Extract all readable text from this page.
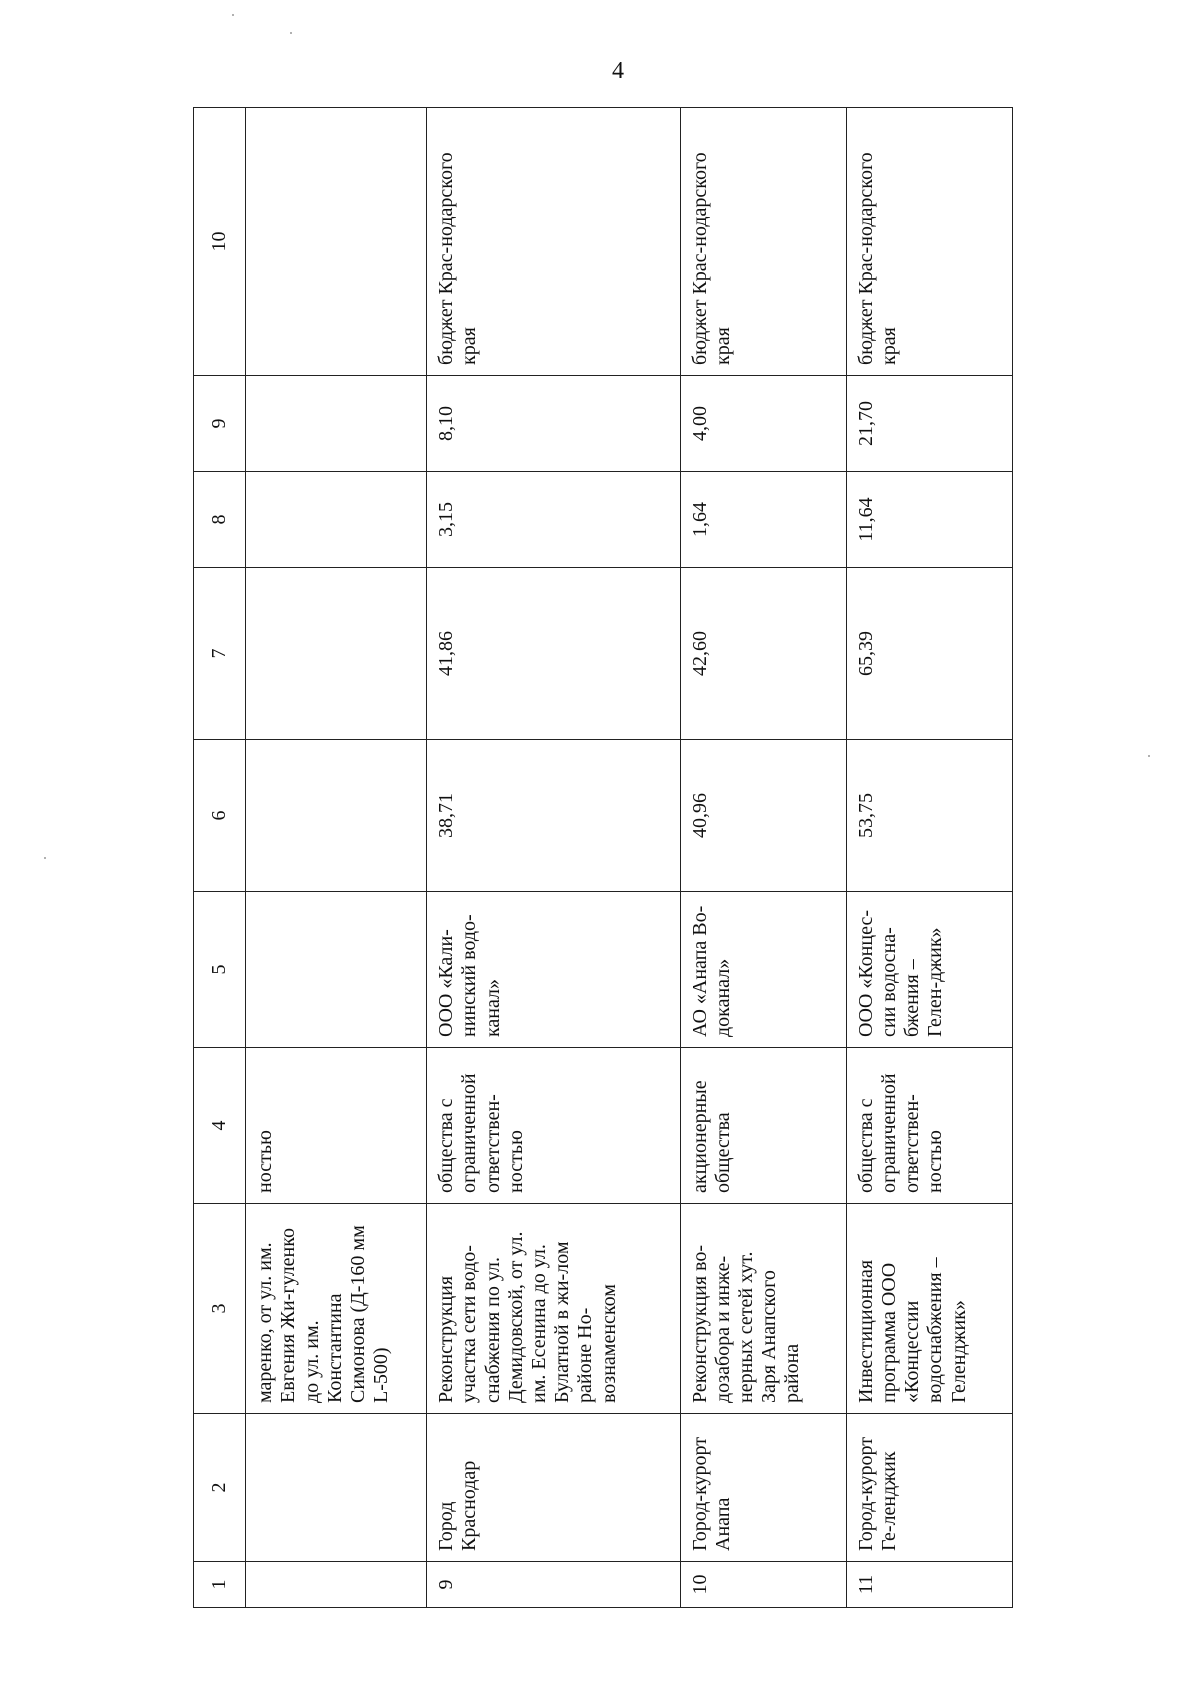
4
1	2	3	4	5	6	7	8	9	10
		маренко, от ул. им. Евгения Жи-гуленко до ул. им. Константина Симонова (Д-160 мм L-500)	ностью						
9	Город Краснодар	Реконструкция участка сети водо-снабжения по ул. Демидовской, от ул. им. Есенина до ул. Булатной в жи-лом районе Но-вознаменском	общества с ограниченной ответствен-ностью	ООО «Кали-нинский водо-канал»	38,71	41,86	3,15	8,10	бюджет Крас-нодарского края
10	Город-курорт Анапа	Реконструкция во-дозабора и инже-нерных сетей хут. Заря Анапского района	акционерные общества	АО «Анапа Во-доканал»	40,96	42,60	1,64	4,00	бюджет Крас-нодарского края
11	Город-курорт Ге-ленджик	Инвестиционная программа ООО «Концессии водоснабжения – Геленджик»	общества с ограниченной ответствен-ностью	ООО «Концес-сии водосна-бжения – Гелен-джик»	53,75	65,39	11,64	21,70	бюджет Крас-нодарского края
